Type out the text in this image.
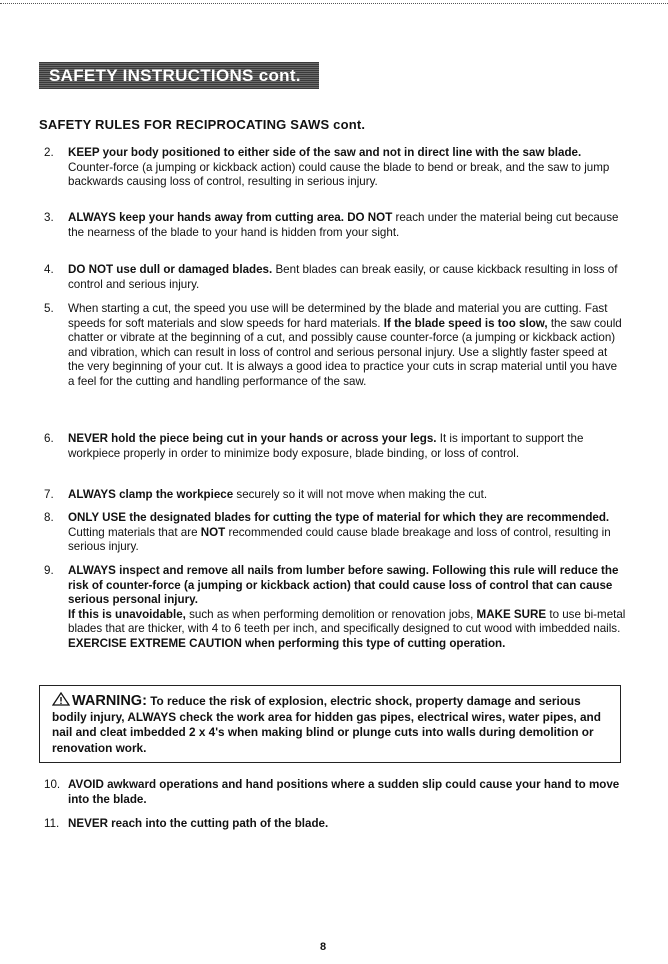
SAFETY INSTRUCTIONS cont.
SAFETY RULES FOR RECIPROCATING SAWS cont.
2.	KEEP your body positioned to either side of the saw and not in direct line with the saw blade. Counter-force (a jumping or kickback action) could cause the blade to bend or break, and the saw to jump backwards causing loss of control, resulting in serious injury.
3.	ALWAYS keep your hands away from cutting area. DO NOT reach under the material being cut because the nearness of the blade to your hand is hidden from your sight.
4.	DO NOT use dull or damaged blades. Bent blades can break easily, or cause kickback resulting in loss of control and serious injury.
5.	When starting a cut, the speed you use will be determined by the blade and material you are cutting. Fast speeds for soft materials and slow speeds for hard materials. If the blade speed is too slow, the saw could chatter or vibrate at the beginning of a cut, and possibly cause counter-force (a jumping or kickback action) and vibration, which can result in loss of control and serious personal injury. Use a slightly faster speed at the very beginning of your cut. It is always a good idea to practice your cuts in scrap material until you have a feel for the cutting and handling performance of the saw.
6.	NEVER hold the piece being cut in your hands or across your legs. It is important to support the workpiece properly in order to minimize body exposure, blade binding, or loss of control.
7.	ALWAYS clamp the workpiece securely so it will not move when making the cut.
8.	ONLY USE the designated blades for cutting the type of material for which they are recommended. Cutting materials that are NOT recommended could cause blade breakage and loss of control, resulting in serious injury.
9.	ALWAYS inspect and remove all nails from lumber before sawing. Following this rule will reduce the risk of counter-force (a jumping or kickback action) that could cause loss of control that can cause serious personal injury.
If this is unavoidable, such as when performing demolition or renovation jobs, MAKE SURE to use bi-metal blades that are thicker, with 4 to 6 teeth per inch, and specifically designed to cut wood with imbedded nails. EXERCISE EXTREME CAUTION when performing this type of cutting operation.
WARNING: To reduce the risk of explosion, electric shock, property damage and serious bodily injury, ALWAYS check the work area for hidden gas pipes, electrical wires, water pipes, and nail and cleat imbedded 2 x 4's when making blind or plunge cuts into walls during demolition or renovation work.
10. AVOID awkward operations and hand positions where a sudden slip could cause your hand to move into the blade.
11. NEVER reach into the cutting path of the blade.
8
